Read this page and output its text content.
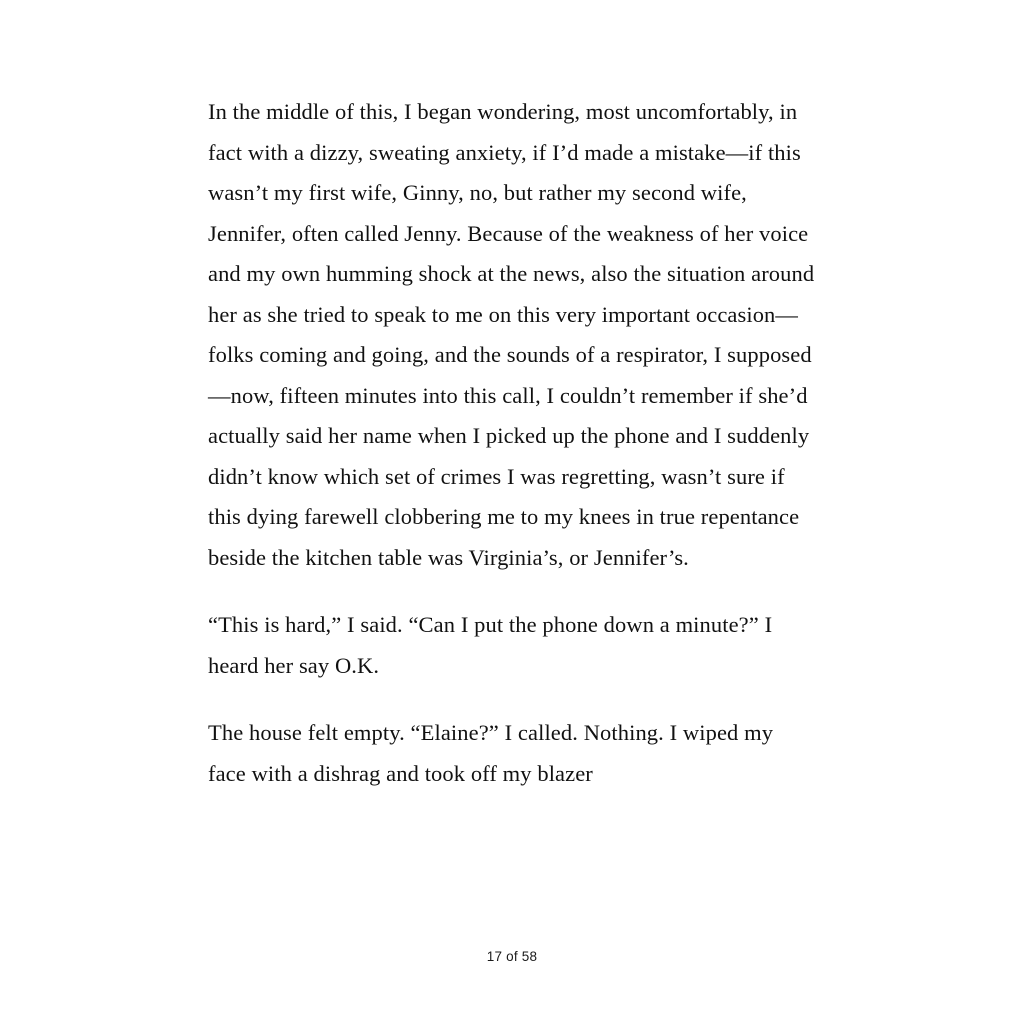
In the middle of this, I began wondering, most uncomfortably, in fact with a dizzy, sweating anxiety, if I’d made a mistake—if this wasn’t my first wife, Ginny, no, but rather my second wife, Jennifer, often called Jenny. Because of the weakness of her voice and my own humming shock at the news, also the situation around her as she tried to speak to me on this very important occasion—folks coming and going, and the sounds of a respirator, I supposed—now, fifteen minutes into this call, I couldn’t remember if she’d actually said her name when I picked up the phone and I suddenly didn’t know which set of crimes I was regretting, wasn’t sure if this dying farewell clobbering me to my knees in true repentance beside the kitchen table was Virginia’s, or Jennifer’s.

“This is hard,” I said. “Can I put the phone down a minute?” I heard her say O.K.

The house felt empty. “Elaine?” I called. Nothing. I wiped my face with a dishrag and took off my blazer

17 of 58
